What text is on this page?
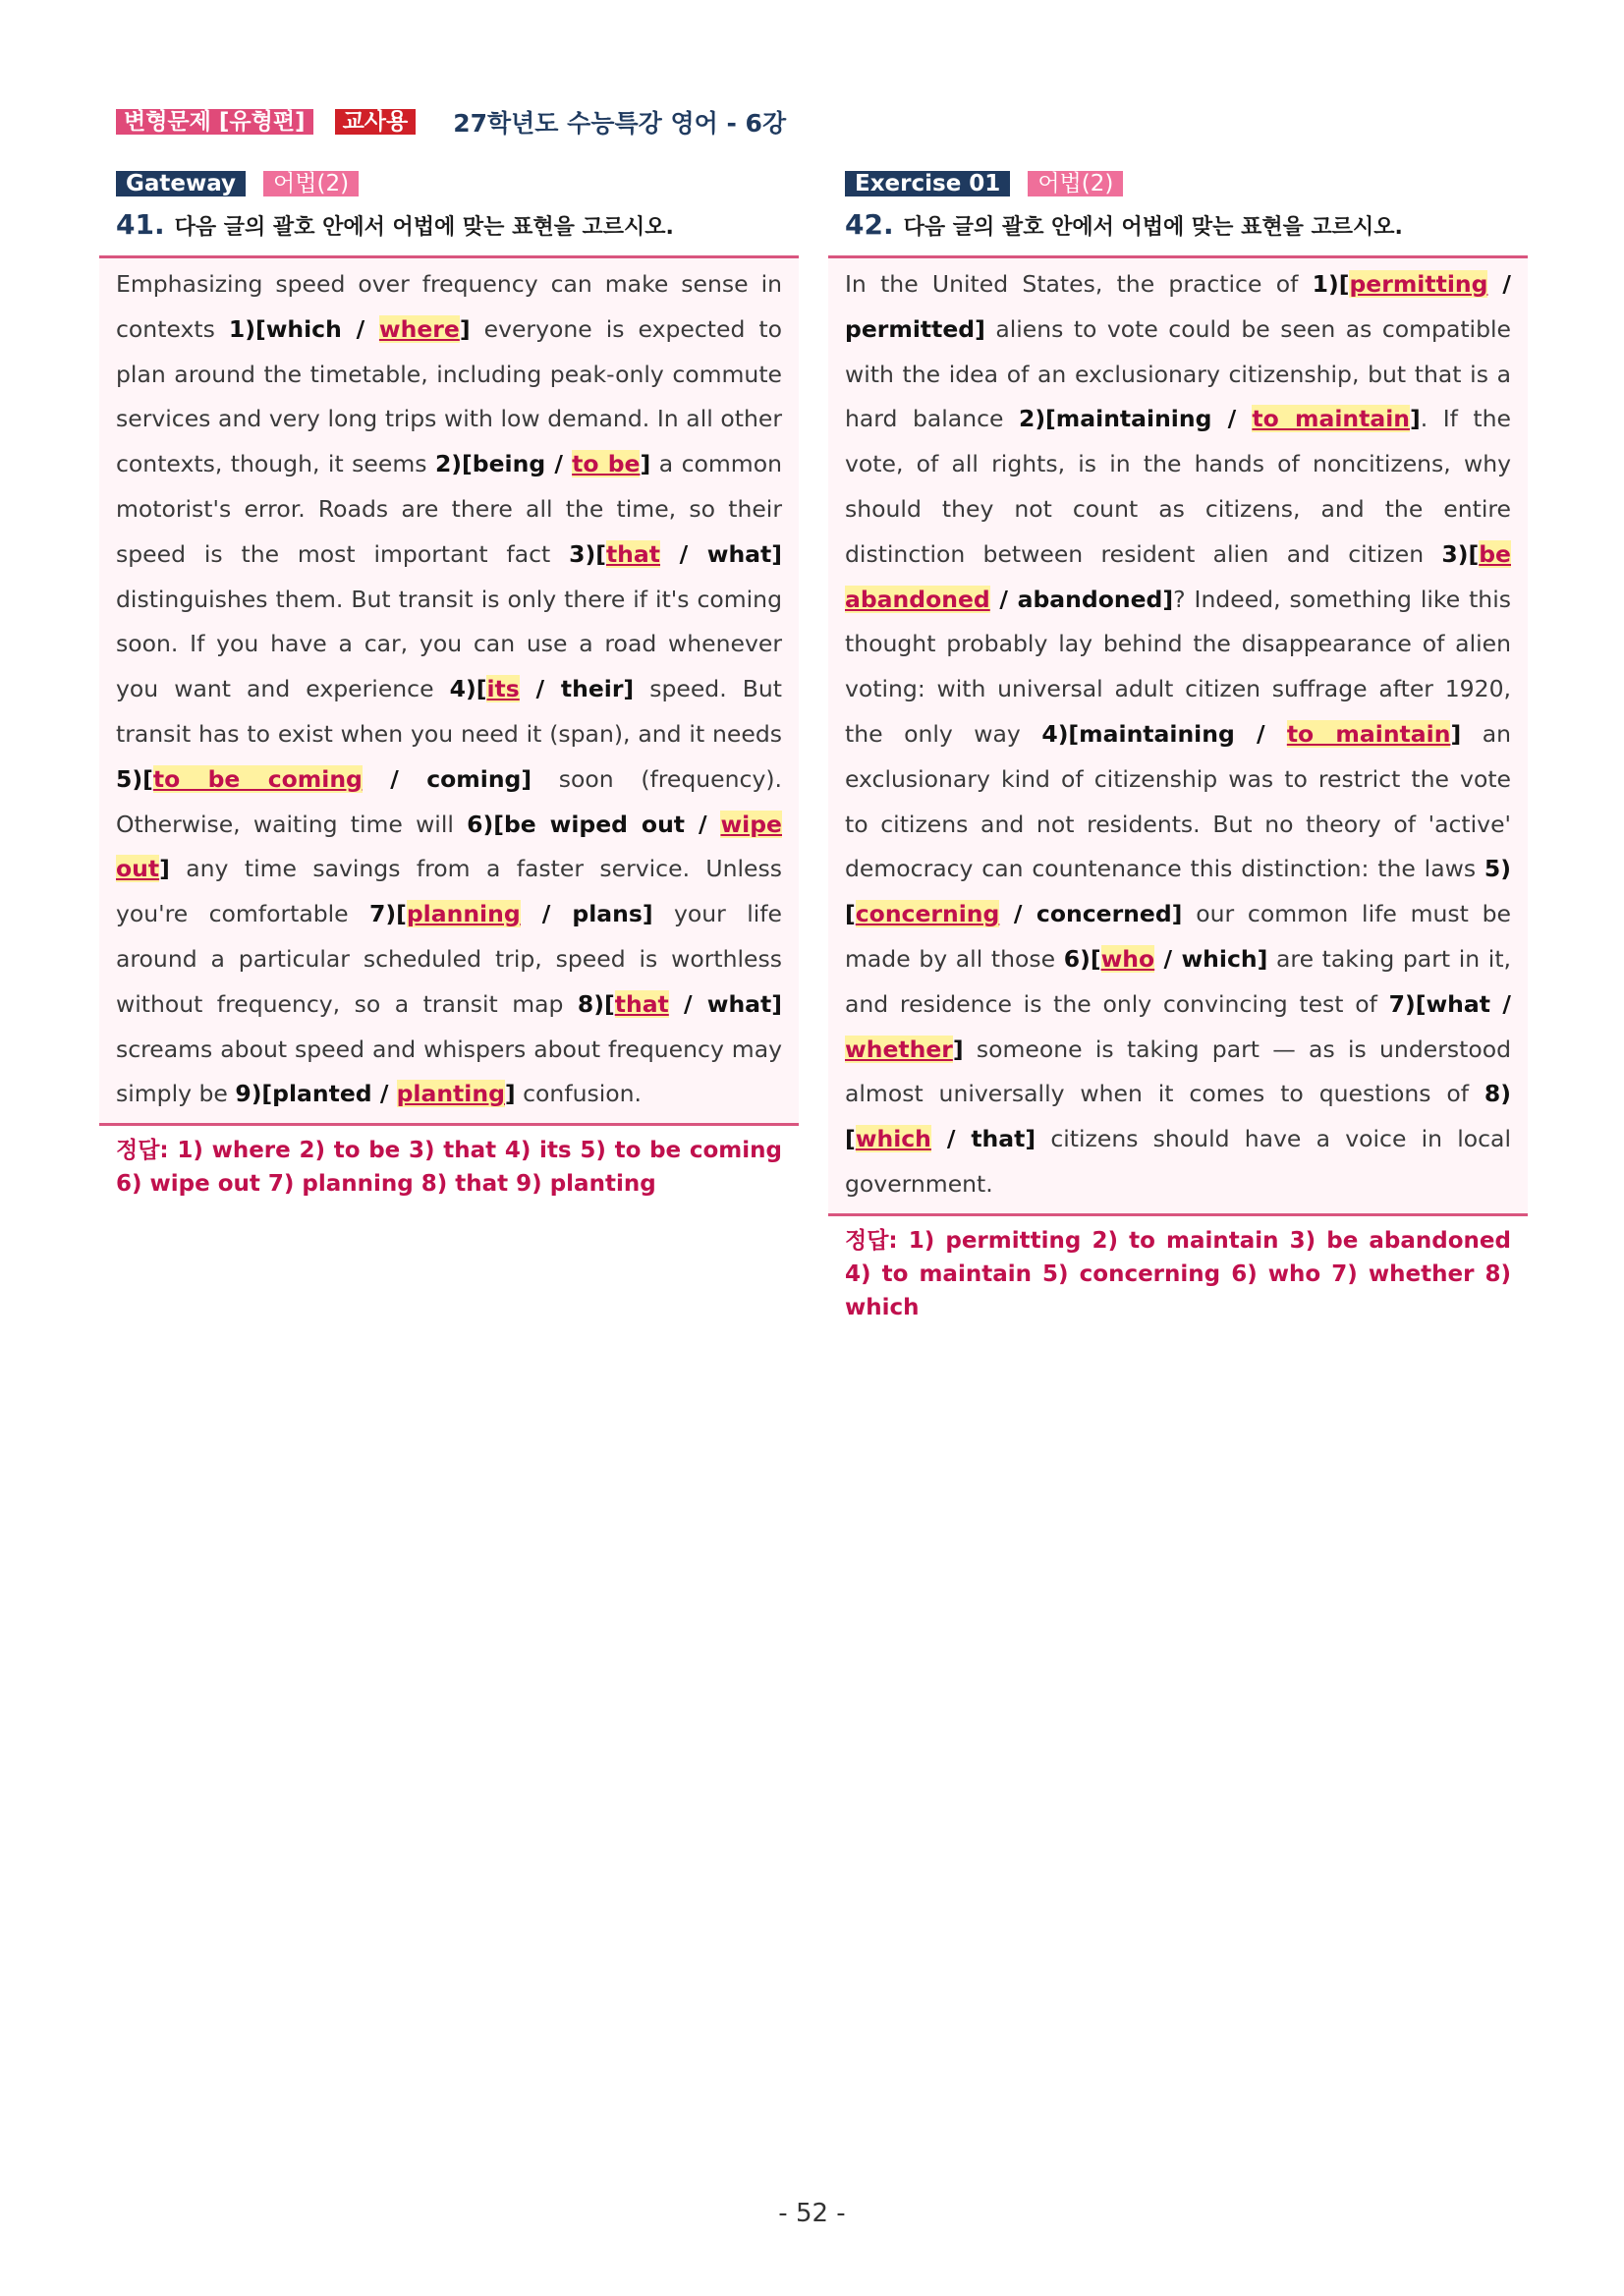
변형문제 [유형편]	교사용	27학년도 수능특강 영어 - 6강
Gateway	어법(2)
41. 다음 글의 괄호 안에서 어법에 맞는 표현을 고르시오.
Emphasizing speed over frequency can make sense in contexts 1)[which / where] everyone is expected to plan around the timetable, including peak-only commute services and very long trips with low demand. In all other contexts, though, it seems 2)[being / to be] a common motorist's error. Roads are there all the time, so their speed is the most important fact 3)[that / what] distinguishes them. But transit is only there if it's coming soon. If you have a car, you can use a road whenever you want and experience 4)[its / their] speed. But transit has to exist when you need it (span), and it needs 5)[to be coming / coming] soon (frequency). Otherwise, waiting time will 6)[be wiped out / wipe out] any time savings from a faster service. Unless you're comfortable 7)[planning / plans] your life around a particular scheduled trip, speed is worthless without frequency, so a transit map 8)[that / what] screams about speed and whispers about frequency may simply be 9)[planted / planting] confusion.
정답: 1) where 2) to be 3) that 4) its 5) to be coming 6) wipe out 7) planning 8) that 9) planting
Exercise 01	어법(2)
42. 다음 글의 괄호 안에서 어법에 맞는 표현을 고르시오.
In the United States, the practice of 1)[permitting / permitted] aliens to vote could be seen as compatible with the idea of an exclusionary citizenship, but that is a hard balance 2)[maintaining / to maintain]. If the vote, of all rights, is in the hands of noncitizens, why should they not count as citizens, and the entire distinction between resident alien and citizen 3)[be abandoned / abandoned]? Indeed, something like this thought probably lay behind the disappearance of alien voting: with universal adult citizen suffrage after 1920, the only way 4)[maintaining / to maintain] an exclusionary kind of citizenship was to restrict the vote to citizens and not residents. But no theory of 'active' democracy can countenance this distinction: the laws 5)[concerning / concerned] our common life must be made by all those 6)[who / which] are taking part in it, and residence is the only convincing test of 7)[what / whether] someone is taking part — as is understood almost universally when it comes to questions of 8)[which / that] citizens should have a voice in local government.
정답: 1) permitting 2) to maintain 3) be abandoned 4) to maintain 5) concerning 6) who 7) whether 8) which
- 52 -
